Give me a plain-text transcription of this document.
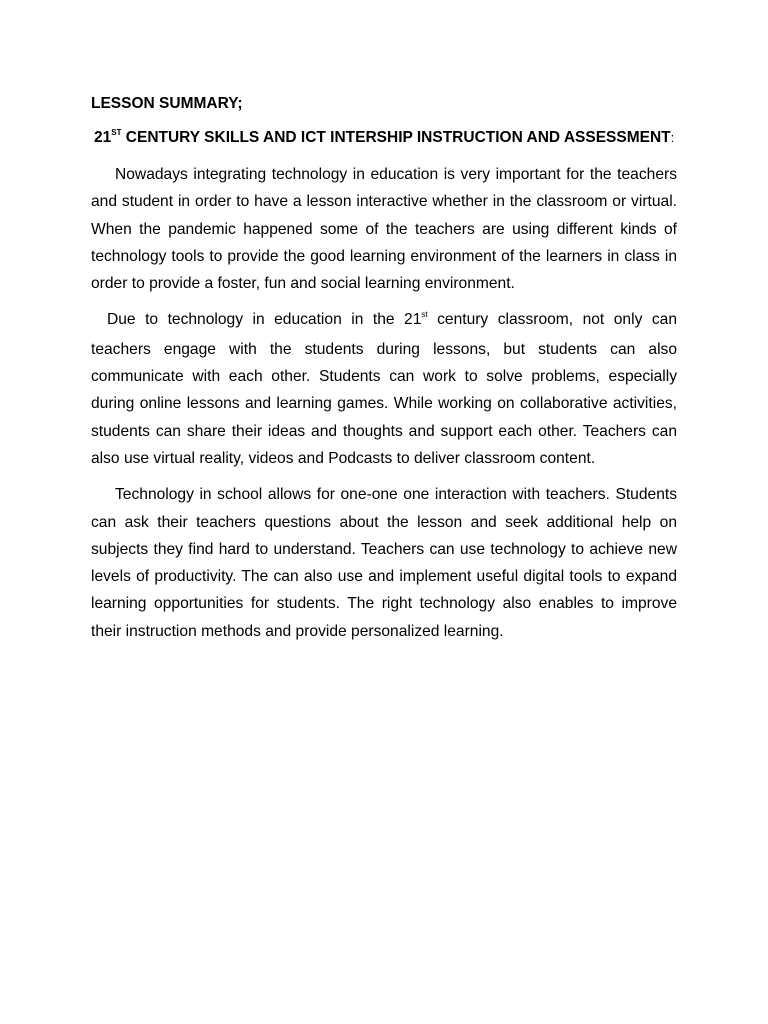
LESSON SUMMARY;

21ST CENTURY SKILLS AND ICT INTERSHIP INSTRUCTION AND ASSESSMENT:

Nowadays integrating technology in education is very important for the teachers and student in order to have a lesson interactive whether in the classroom or virtual. When the pandemic happened some of the teachers are using different kinds of technology tools to provide the good learning environment of the learners in class in order to provide a foster, fun and social learning environment.

Due to technology in education in the 21st century classroom, not only can teachers engage with the students during lessons, but students can also communicate with each other. Students can work to solve problems, especially during online lessons and learning games. While working on collaborative activities, students can share their ideas and thoughts and support each other. Teachers can also use virtual reality, videos and Podcasts to deliver classroom content.

Technology in school allows for one-one one interaction with teachers. Students can ask their teachers questions about the lesson and seek additional help on subjects they find hard to understand. Teachers can use technology to achieve new levels of productivity. The can also use and implement useful digital tools to expand learning opportunities for students. The right technology also enables to improve their instruction methods and provide personalized learning.
